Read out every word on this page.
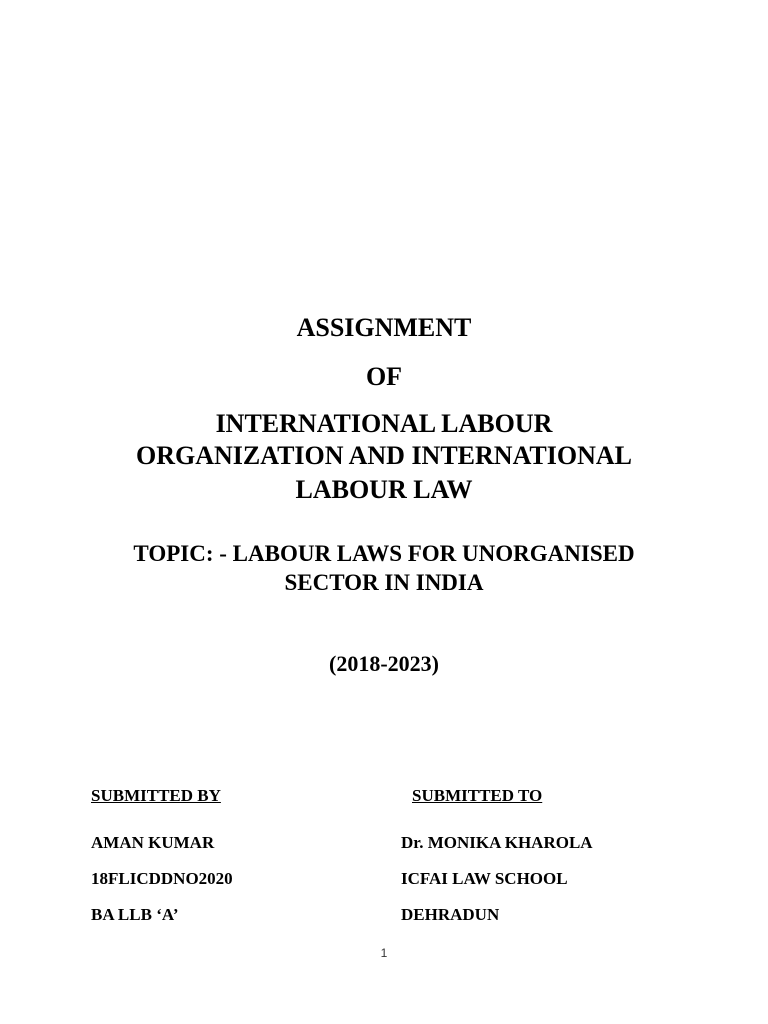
ASSIGNMENT
OF
INTERNATIONAL LABOUR
ORGANIZATION AND INTERNATIONAL
LABOUR LAW
TOPIC: - LABOUR LAWS FOR UNORGANISED
SECTOR IN INDIA
(2018-2023)
SUBMITTED BY
AMAN KUMAR
18FLICDDNO2020
BA LLB ‘A’
SUBMITTED TO
Dr. MONIKA KHAROLA
ICFAI LAW SCHOOL
DEHRADUN
1
